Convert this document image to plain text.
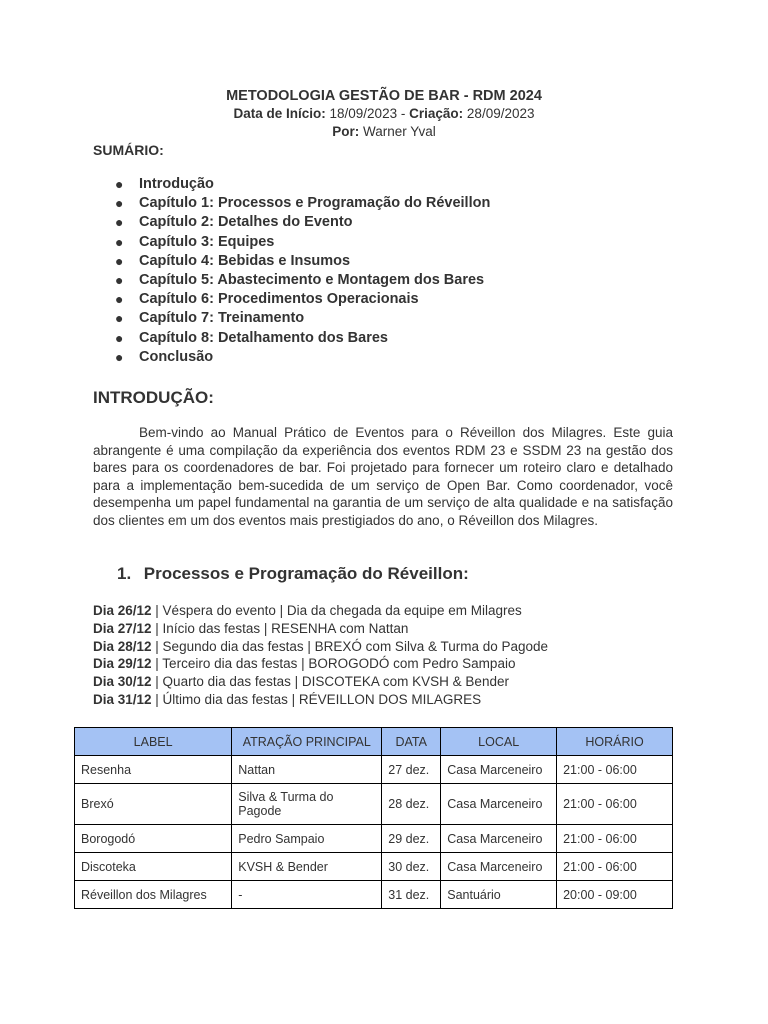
METODOLOGIA GESTÃO DE BAR - RDM 2024
Data de Início: 18/09/2023 - Criação: 28/09/2023
Por: Warner Yval
SUMÁRIO:
● Introdução
● Capítulo 1: Processos e Programação do Réveillon
● Capítulo 2: Detalhes do Evento
● Capítulo 3: Equipes
● Capítulo 4: Bebidas e Insumos
● Capítulo 5: Abastecimento e Montagem dos Bares
● Capítulo 6: Procedimentos Operacionais
● Capítulo 7: Treinamento
● Capítulo 8: Detalhamento dos Bares
● Conclusão
INTRODUÇÃO:

Bem-vindo ao Manual Prático de Eventos para o Réveillon dos Milagres. Este guia abrangente é uma compilação da experiência dos eventos RDM 23 e SSDM 23 na gestão dos bares para os coordenadores de bar. Foi projetado para fornecer um roteiro claro e detalhado para a implementação bem-sucedida de um serviço de Open Bar. Como coordenador, você desempenha um papel fundamental na garantia de um serviço de alta qualidade e na satisfação dos clientes em um dos eventos mais prestigiados do ano, o Réveillon dos Milagres.

1. Processos e Programação do Réveillon:
Dia 26/12 | Véspera do evento | Dia da chegada da equipe em Milagres
Dia 27/12 | Início das festas | RESENHA com Nattan
Dia 28/12 | Segundo dia das festas | BREXÓ com Silva & Turma do Pagode
Dia 29/12 | Terceiro dia das festas | BOROGODÓ com Pedro Sampaio
Dia 30/12 | Quarto dia das festas | DISCOTEKA com KVSH & Bender
Dia 31/12 | Último dia das festas | RÉVEILLON DOS MILAGRES
LABEL	ATRAÇÃO PRINCIPAL	DATA	LOCAL	HORÁRIO
Resenha	Nattan	27 dez.	Casa Marceneiro	21:00 - 06:00
Brexó	Silva & Turma do Pagode	28 dez.	Casa Marceneiro	21:00 - 06:00
Borogodó	Pedro Sampaio	29 dez.	Casa Marceneiro	21:00 - 06:00
Discoteka	KVSH & Bender	30 dez.	Casa Marceneiro	21:00 - 06:00
Réveillon dos Milagres	-	31 dez.	Santuário	20:00 - 09:00
